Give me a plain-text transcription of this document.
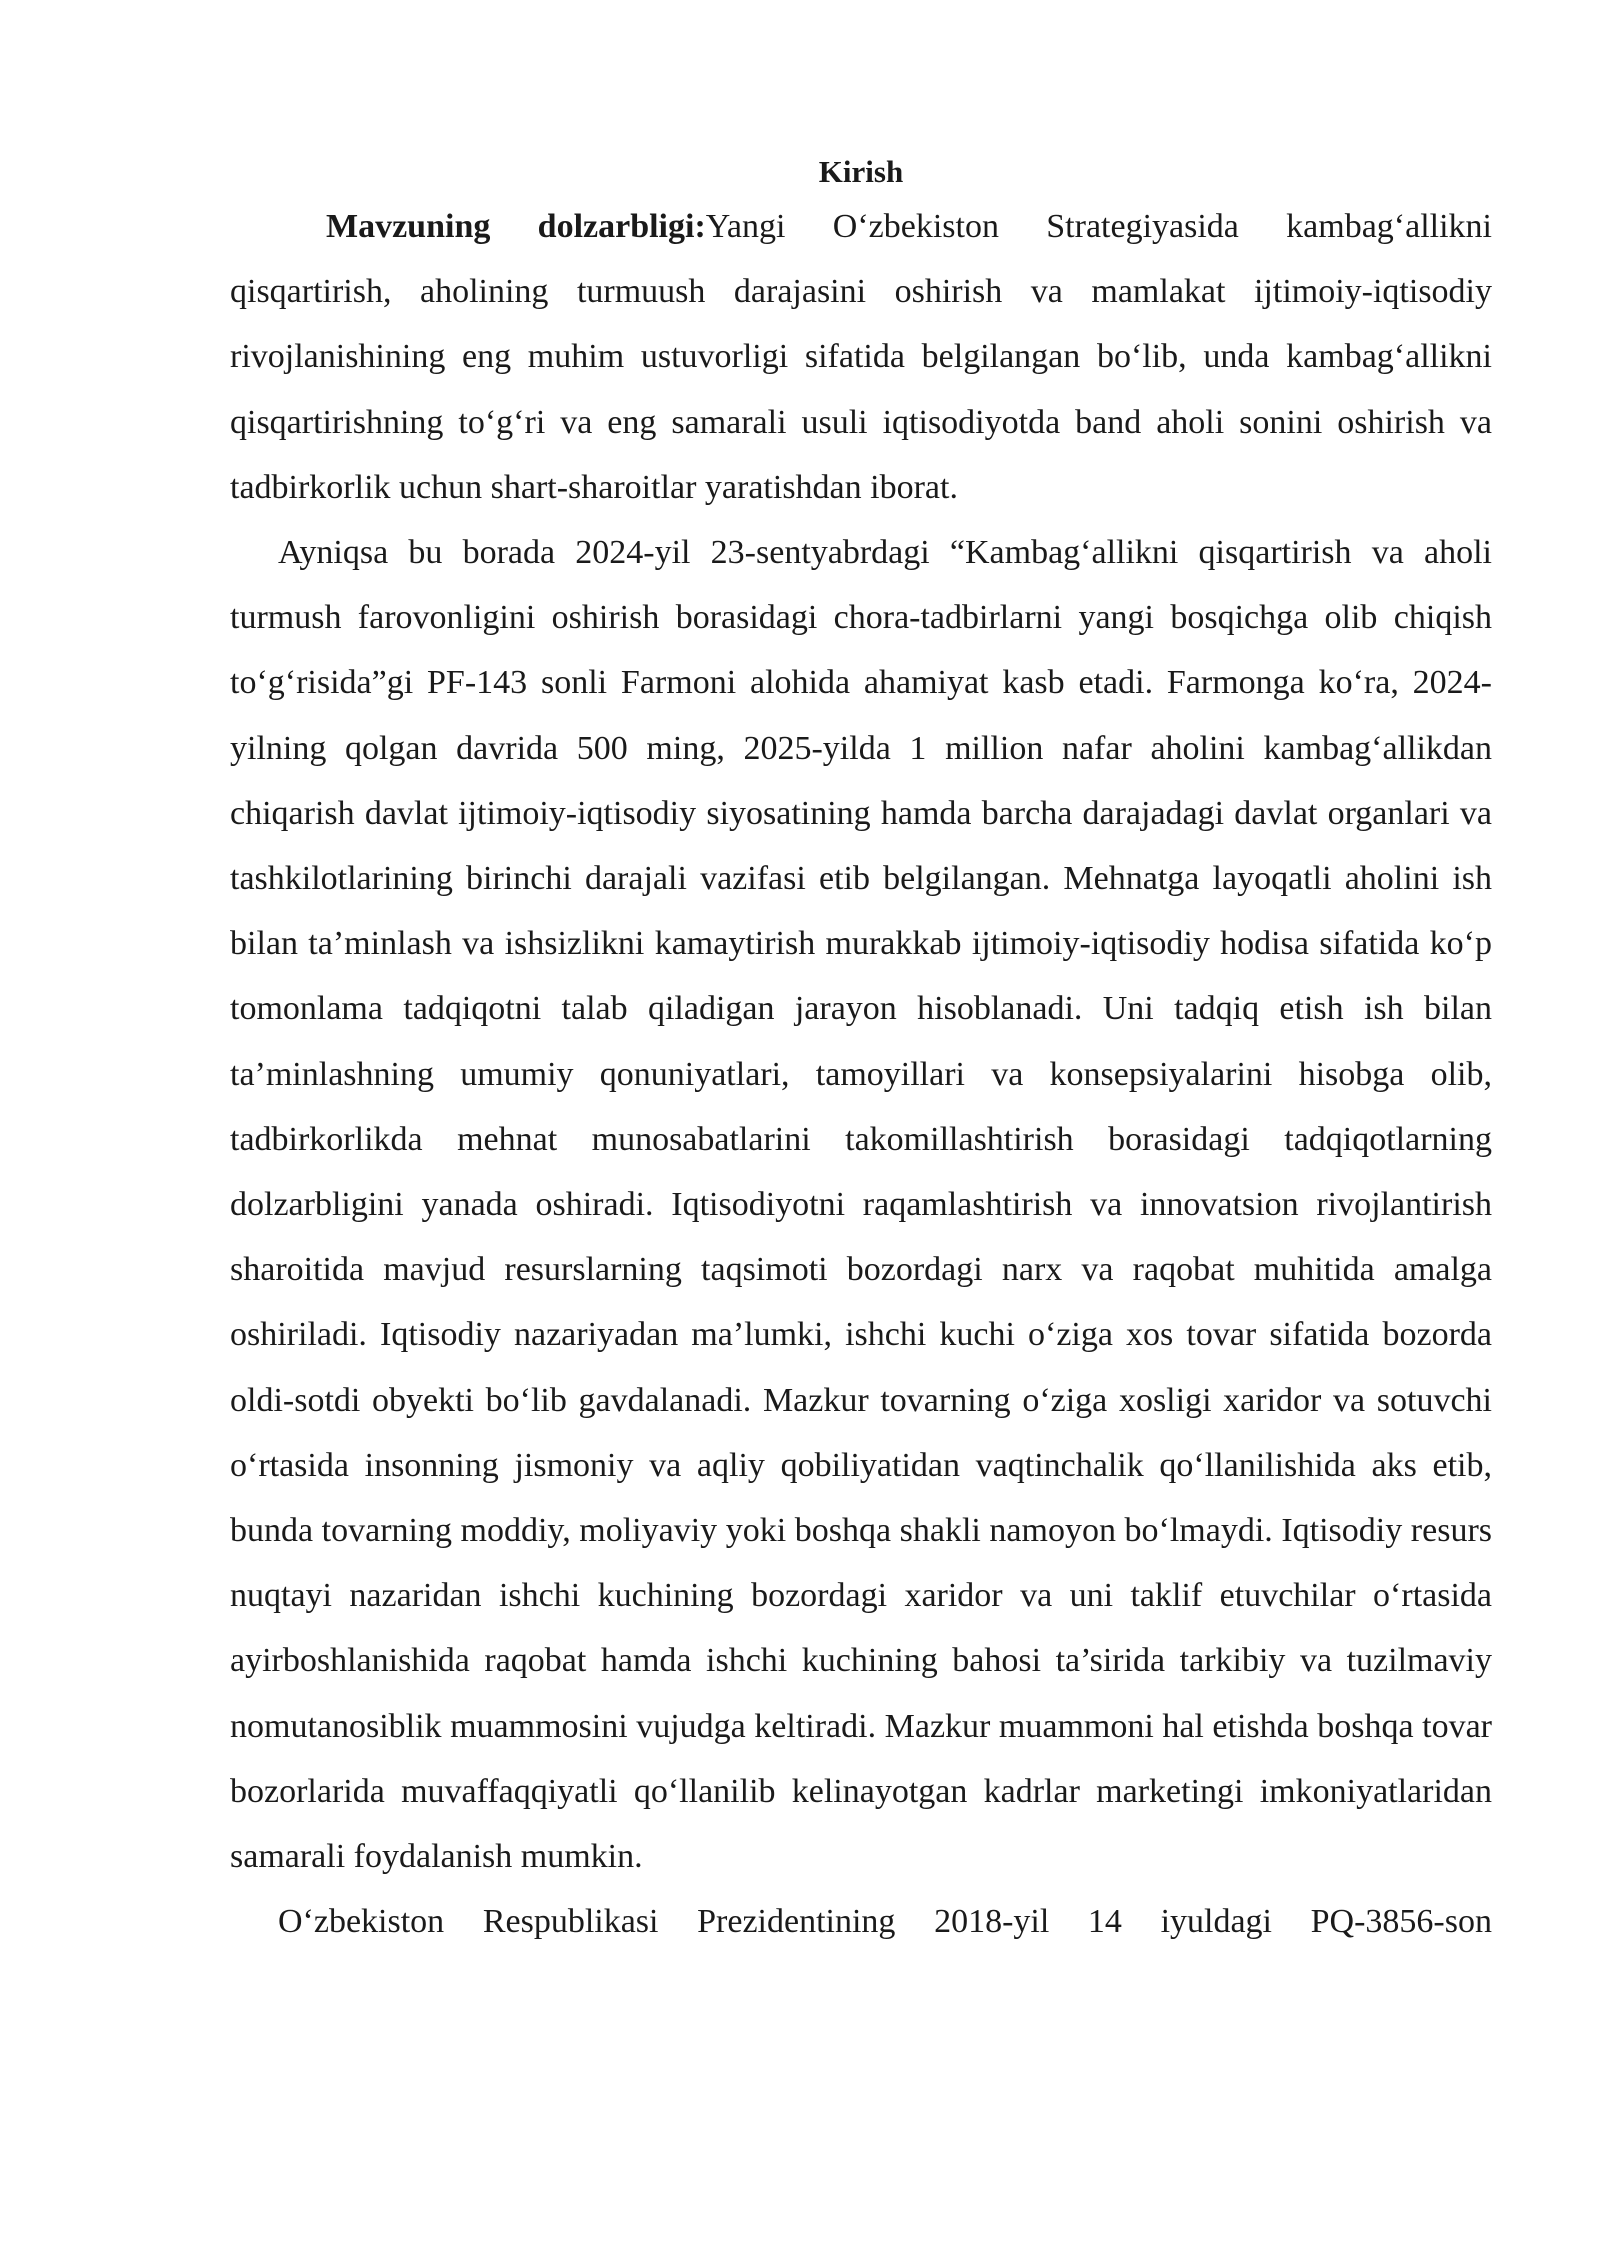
Kirish

Mavzuning dolzarbligi:Yangi O‘zbekiston Strategiyasida kambag‘allikni qisqartirish, aholining turmuush darajasini oshirish va mamlakat ijtimoiy-iqtisodiy rivojlanishining eng muhim ustuvorligi sifatida belgilangan bo‘lib, unda kambag‘allikni qisqartirishning to‘g‘ri va eng samarali usuli iqtisodiyotda band aholi sonini oshirish va tadbirkorlik uchun shart-sharoitlar yaratishdan iborat.

Ayniqsa bu borada 2024-yil 23-sentyabrdagi “Kambag‘allikni qisqartirish va aholi turmush farovonligini oshirish borasidagi chora-tadbirlarni yangi bosqichga olib chiqish to‘g‘risida”gi PF-143 sonli Farmoni alohida ahamiyat kasb etadi. Farmonga ko‘ra, 2024-yilning qolgan davrida 500 ming, 2025-yilda 1 million nafar aholini kambag‘allikdan chiqarish davlat ijtimoiy-iqtisodiy siyosatining hamda barcha darajadagi davlat organlari va tashkilotlarining birinchi darajali vazifasi etib belgilangan. Mehnatga layoqatli aholini ish bilan ta’minlash va ishsizlikni kamaytirish murakkab ijtimoiy-iqtisodiy hodisa sifatida ko‘p tomonlama tadqiqotni talab qiladigan jarayon hisoblanadi. Uni tadqiq etish ish bilan ta’minlashning umumiy qonuniyatlari, tamoyillari va konsepsiyalarini hisobga olib, tadbirkorlikda mehnat munosabatlarini takomillashtirish borasidagi tadqiqotlarning dolzarbligini yanada oshiradi. Iqtisodiyotni raqamlashtirish va innovatsion rivojlantirish sharoitida mavjud resurslarning taqsimoti bozordagi narx va raqobat muhitida amalga oshiriladi. Iqtisodiy nazariyadan ma’lumki, ishchi kuchi o‘ziga xos tovar sifatida bozorda oldi-sotdi obyekti bo‘lib gavdalanadi. Mazkur tovarning o‘ziga xosligi xaridor va sotuvchi o‘rtasida insonning jismoniy va aqliy qobiliyatidan vaqtinchalik qo‘llanilishida aks etib, bunda tovarning moddiy, moliyaviy yoki boshqa shakli namoyon bo‘lmaydi. Iqtisodiy resurs nuqtayi nazaridan ishchi kuchining bozordagi xaridor va uni taklif etuvchilar o‘rtasida ayirboshlanishida raqobat hamda ishchi kuchining bahosi ta’sirida tarkibiy va tuzilmaviy nomutanosiblik muammosini vujudga keltiradi. Mazkur muammoni hal etishda boshqa tovar bozorlarida muvaffaqqiyatli qo‘llanilib kelinayotgan kadrlar marketingi imkoniyatlaridan samarali foydalanish mumkin.

O‘zbekiston Respublikasi Prezidentining 2018-yil 14 iyuldagi PQ-3856-son
